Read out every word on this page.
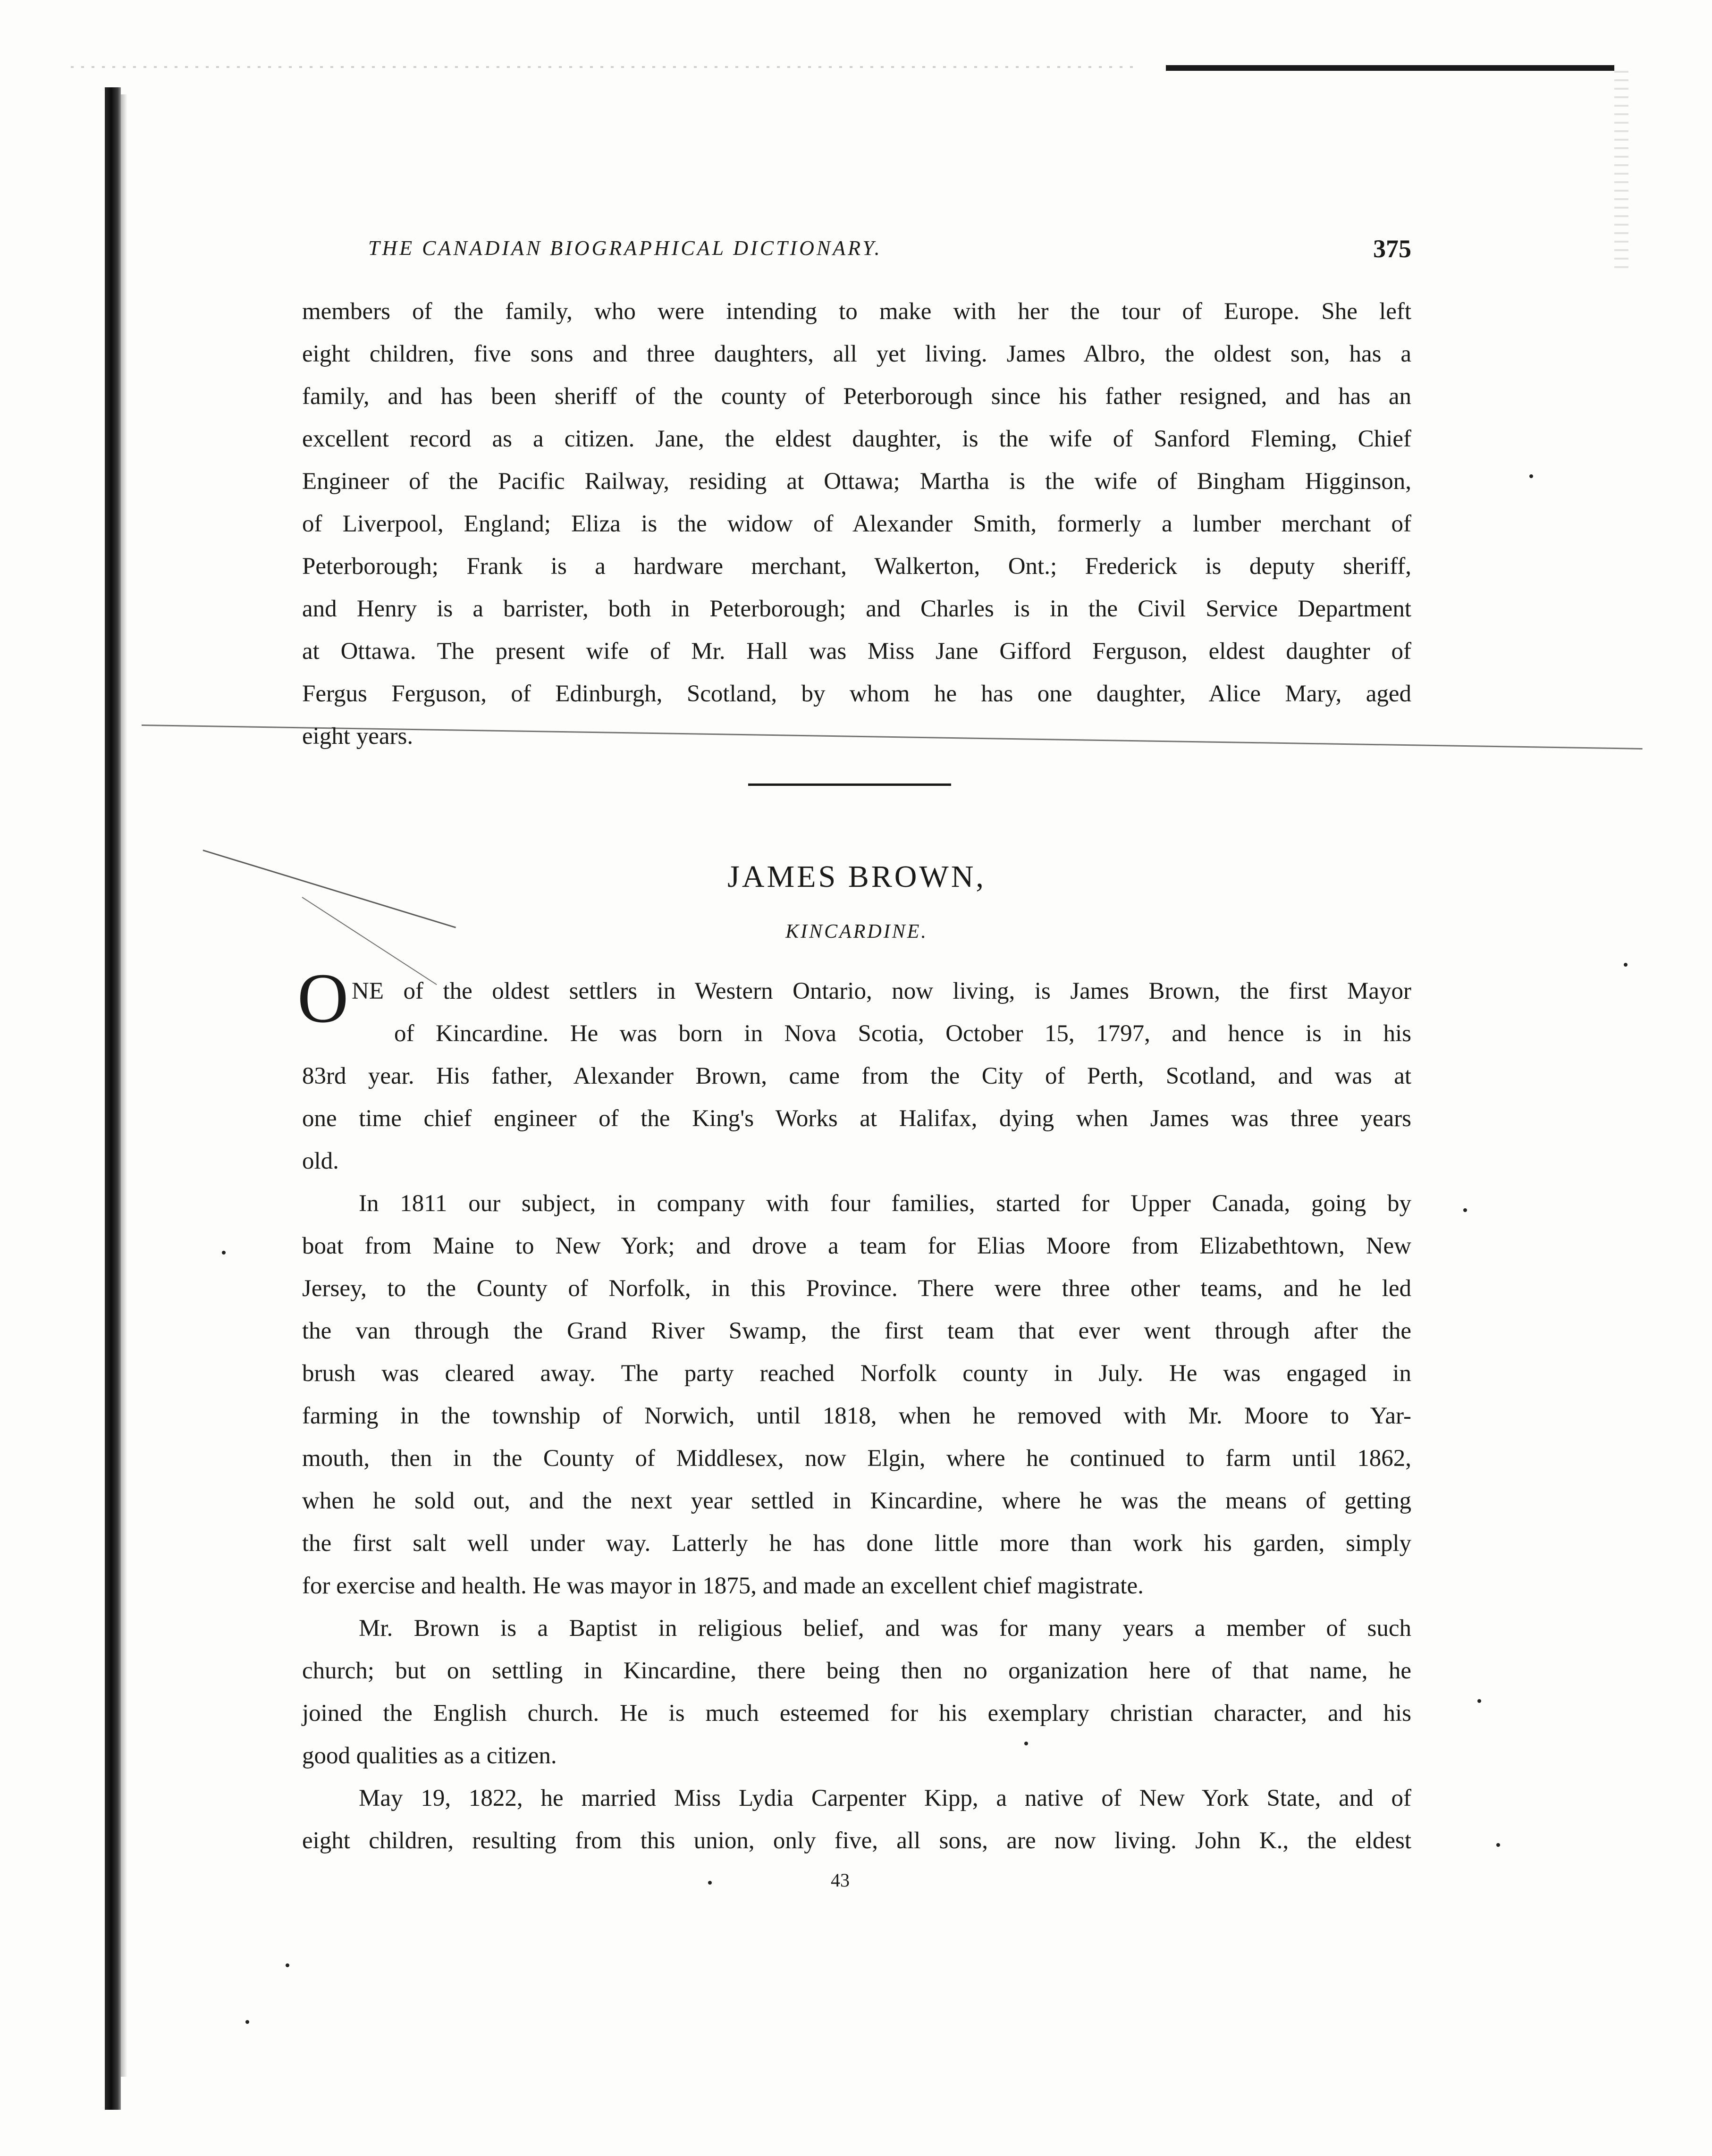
THE CANADIAN BIOGRAPHICAL DICTIONARY.	375
members of the family, who were intending to make with her the tour of Europe. She left
eight children, five sons and three daughters, all yet living. James Albro, the oldest son, has a
family, and has been sheriff of the county of Peterborough since his father resigned, and has an
excellent record as a citizen. Jane, the eldest daughter, is the wife of Sanford Fleming, Chief
Engineer of the Pacific Railway, residing at Ottawa; Martha is the wife of Bingham Higginson,
of Liverpool, England; Eliza is the widow of Alexander Smith, formerly a lumber merchant of
Peterborough; Frank is a hardware merchant, Walkerton, Ont.; Frederick is deputy sheriff,
and Henry is a barrister, both in Peterborough; and Charles is in the Civil Service Department
at Ottawa. The present wife of Mr. Hall was Miss Jane Gifford Ferguson, eldest daughter of
Fergus Ferguson, of Edinburgh, Scotland, by whom he has one daughter, Alice Mary, aged
eight years.
JAMES BROWN,
KINCARDINE.
O NE of the oldest settlers in Western Ontario, now living, is James Brown, the first Mayor
of Kincardine. He was born in Nova Scotia, October 15, 1797, and hence is in his
83rd year. His father, Alexander Brown, came from the City of Perth, Scotland, and was at
one time chief engineer of the King's Works at Halifax, dying when James was three years
old.
In 1811 our subject, in company with four families, started for Upper Canada, going by
boat from Maine to New York; and drove a team for Elias Moore from Elizabethtown, New
Jersey, to the County of Norfolk, in this Province. There were three other teams, and he led
the van through the Grand River Swamp, the first team that ever went through after the
brush was cleared away. The party reached Norfolk county in July. He was engaged in
farming in the township of Norwich, until 1818, when he removed with Mr. Moore to Yar-
mouth, then in the County of Middlesex, now Elgin, where he continued to farm until 1862,
when he sold out, and the next year settled in Kincardine, where he was the means of getting
the first salt well under way. Latterly he has done little more than work his garden, simply
for exercise and health. He was mayor in 1875, and made an excellent chief magistrate.
Mr. Brown is a Baptist in religious belief, and was for many years a member of such
church; but on settling in Kincardine, there being then no organization here of that name, he
joined the English church. He is much esteemed for his exemplary christian character, and his
good qualities as a citizen.
May 19, 1822, he married Miss Lydia Carpenter Kipp, a native of New York State, and of
eight children, resulting from this union, only five, all sons, are now living. John K., the eldest
43
